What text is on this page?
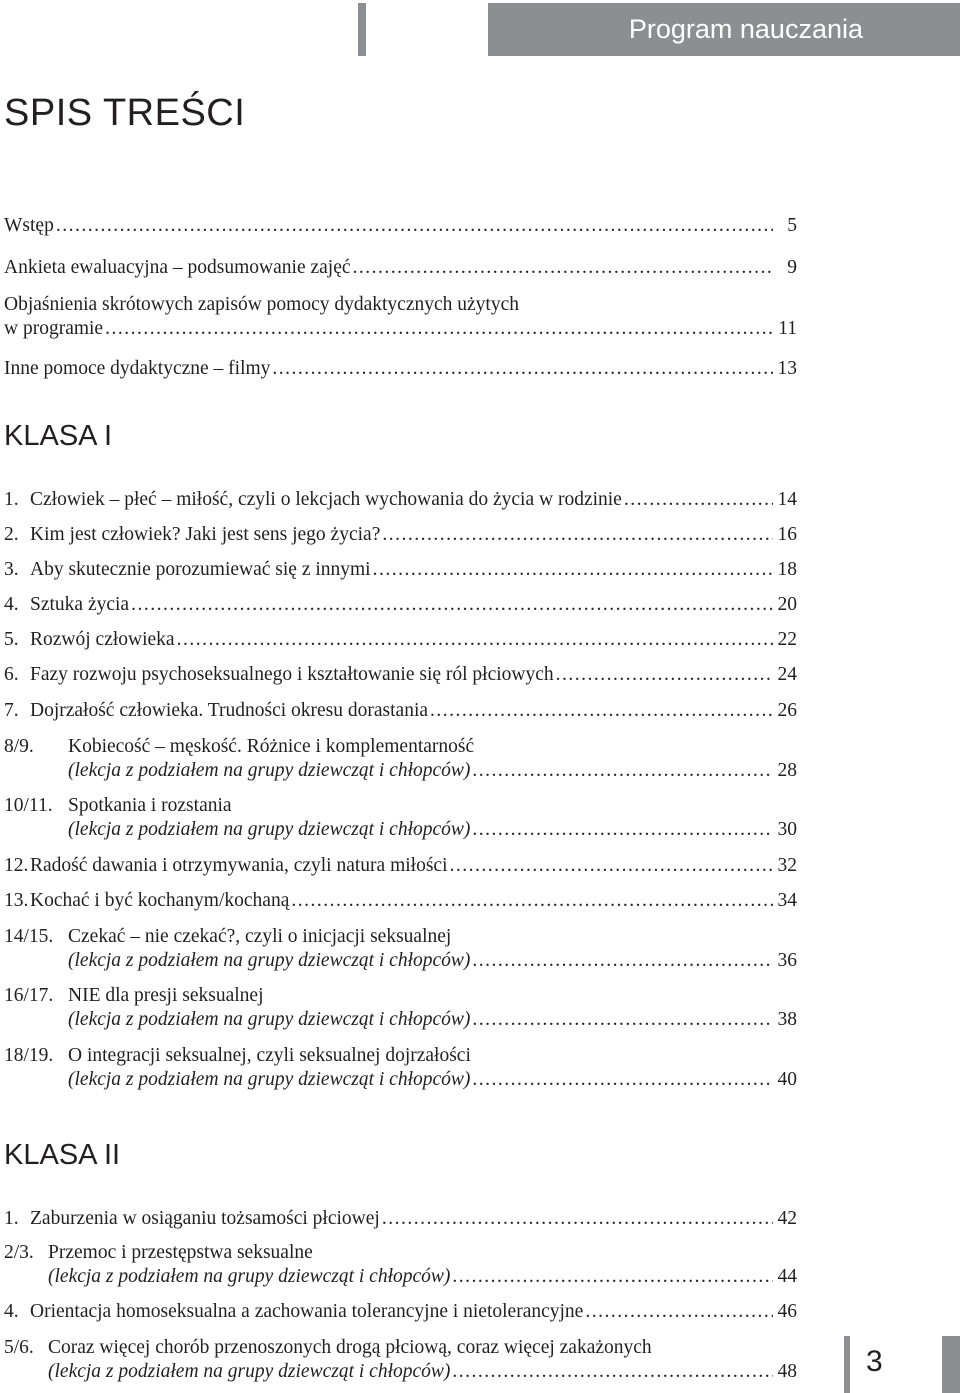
Program nauczania
SPIS TREŚCI
Wstęp .....	5
Ankieta ewaluacyjna – podsumowanie zajęć .....	9
Objaśnienia skrótowych zapisów pomocy dydaktycznych użytych
w programie .....	11
Inne pomoce dydaktyczne – filmy .....	13
KLASA I
1. Człowiek – płeć – miłość, czyli o lekcjach wychowania do życia w rodzinie .....	14
2. Kim jest człowiek? Jaki jest sens jego życia? .....	16
3. Aby skutecznie porozumiewać się z innymi .....	18
4. Sztuka życia .....	20
5. Rozwój człowieka .....	22
6. Fazy rozwoju psychoseksualnego i kształtowanie się ról płciowych .....	24
7. Dojrzałość człowieka. Trudności okresu dorastania .....	26
8/9.	Kobiecość – męskość. Różnice i komplementarność
(lekcja z podziałem na grupy dziewcząt i chłopców) .....	28
10/11. Spotkania i rozstania
(lekcja z podziałem na grupy dziewcząt i chłopców) .....	30
12. Radość dawania i otrzymywania, czyli natura miłości .....	32
13. Kochać i być kochanym/kochaną .....	34
14/15. Czekać – nie czekać?, czyli o inicjacji seksualnej
(lekcja z podziałem na grupy dziewcząt i chłopców) .....	36
16/17. NIE dla presji seksualnej
(lekcja z podziałem na grupy dziewcząt i chłopców) .....	38
18/19. O integracji seksualnej, czyli seksualnej dojrzałości
(lekcja z podziałem na grupy dziewcząt i chłopców) .....	40
KLASA II
1. Zaburzenia w osiąganiu tożsamości płciowej .....	42
2/3. Przemoc i przestępstwa seksualne
(lekcja z podziałem na grupy dziewcząt i chłopców) .....	44
4. Orientacja homoseksualna a zachowania tolerancyjne i nietolerancyjne .....	46
5/6. Coraz więcej chorób przenoszonych drogą płciową, coraz więcej zakażonych
(lekcja z podziałem na grupy dziewcząt i chłopców) .....	48 3
